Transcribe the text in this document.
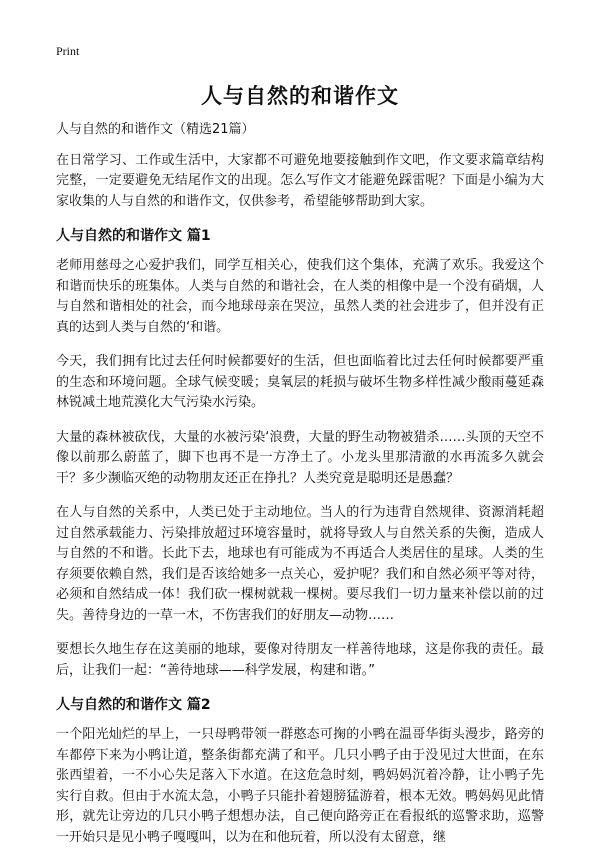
Print
人与自然的和谐作文

人与自然的和谐作文（精选21篇）

在日常学习、工作或生活中，大家都不可避免地要接触到作文吧，作文要求篇章结构完整，一定要避免无结尾作文的出现。怎么写作文才能避免踩雷呢？下面是小编为大家收集的人与自然的和谐作文，仅供参考，希望能够帮助到大家。

人与自然的和谐作文 篇1

老师用慈母之心爱护我们，同学互相关心，使我们这个集体，充满了欢乐。我爱这个和谐而快乐的班集体。人类与自然的和谐社会，在人类的相像中是一个没有硝烟，人与自然和谐相处的社会，而今地球母亲在哭泣，虽然人类的社会进步了，但并没有正真的达到人类与自然的‘和谐。

今天，我们拥有比过去任何时候都要好的生活，但也面临着比过去任何时候都要严重的生态和环境问题。全球气候变暖；臭氧层的耗损与破坏生物多样性减少酸雨蔓延森林锐减土地荒漠化大气污染水污染。

大量的森林被砍伐，大量的水被污染‘浪费，大量的野生动物被猎杀……头顶的天空不像以前那么蔚蓝了，脚下也再不是一方净土了。小龙头里那清澈的水再流多久就会干？多少濒临灭绝的动物朋友还正在挣扎？人类究竟是聪明还是愚蠢？

在人与自然的关系中，人类已处于主动地位。当人的行为违背自然规律、资源消耗超过自然承载能力、污染排放超过环境容量时，就将导致人与自然关系的失衡，造成人与自然的不和谐。长此下去，地球也有可能成为不再适合人类居住的星球。人类的生存须要依赖自然，我们是否该给她多一点关心，爱护呢？我们和自然必须平等对待，必须和自然结成一体！我们砍一棵树就栽一棵树。要尽我们一切力量来补偿以前的过失。善待身边的一草一木，不伤害我们的好朋友—动物……

要想长久地生存在这美丽的地球，要像对待朋友一样善待地球，这是你我的责任。最后，让我们一起：“善待地球——科学发展，构建和谐。”

人与自然的和谐作文 篇2

一个阳光灿烂的早上，一只母鸭带领一群憨态可掬的小鸭在温哥华街头漫步，路旁的车都停下来为小鸭让道，整条街都充满了和平。几只小鸭子由于没见过大世面，在东张西望着，一不小心失足落入下水道。在这危急时刻，鸭妈妈沉着冷静，让小鸭子先实行自救。但由于水流太急，小鸭子只能扑着翅膀猛游着，根本无效。鸭妈妈见此情形，就先让旁边的几只小鸭子想想办法，自己便向路旁正在看报纸的巡警求助，巡警一开始只是见小鸭子嘎嘎叫，以为在和他玩着，所以没有太留意，继
